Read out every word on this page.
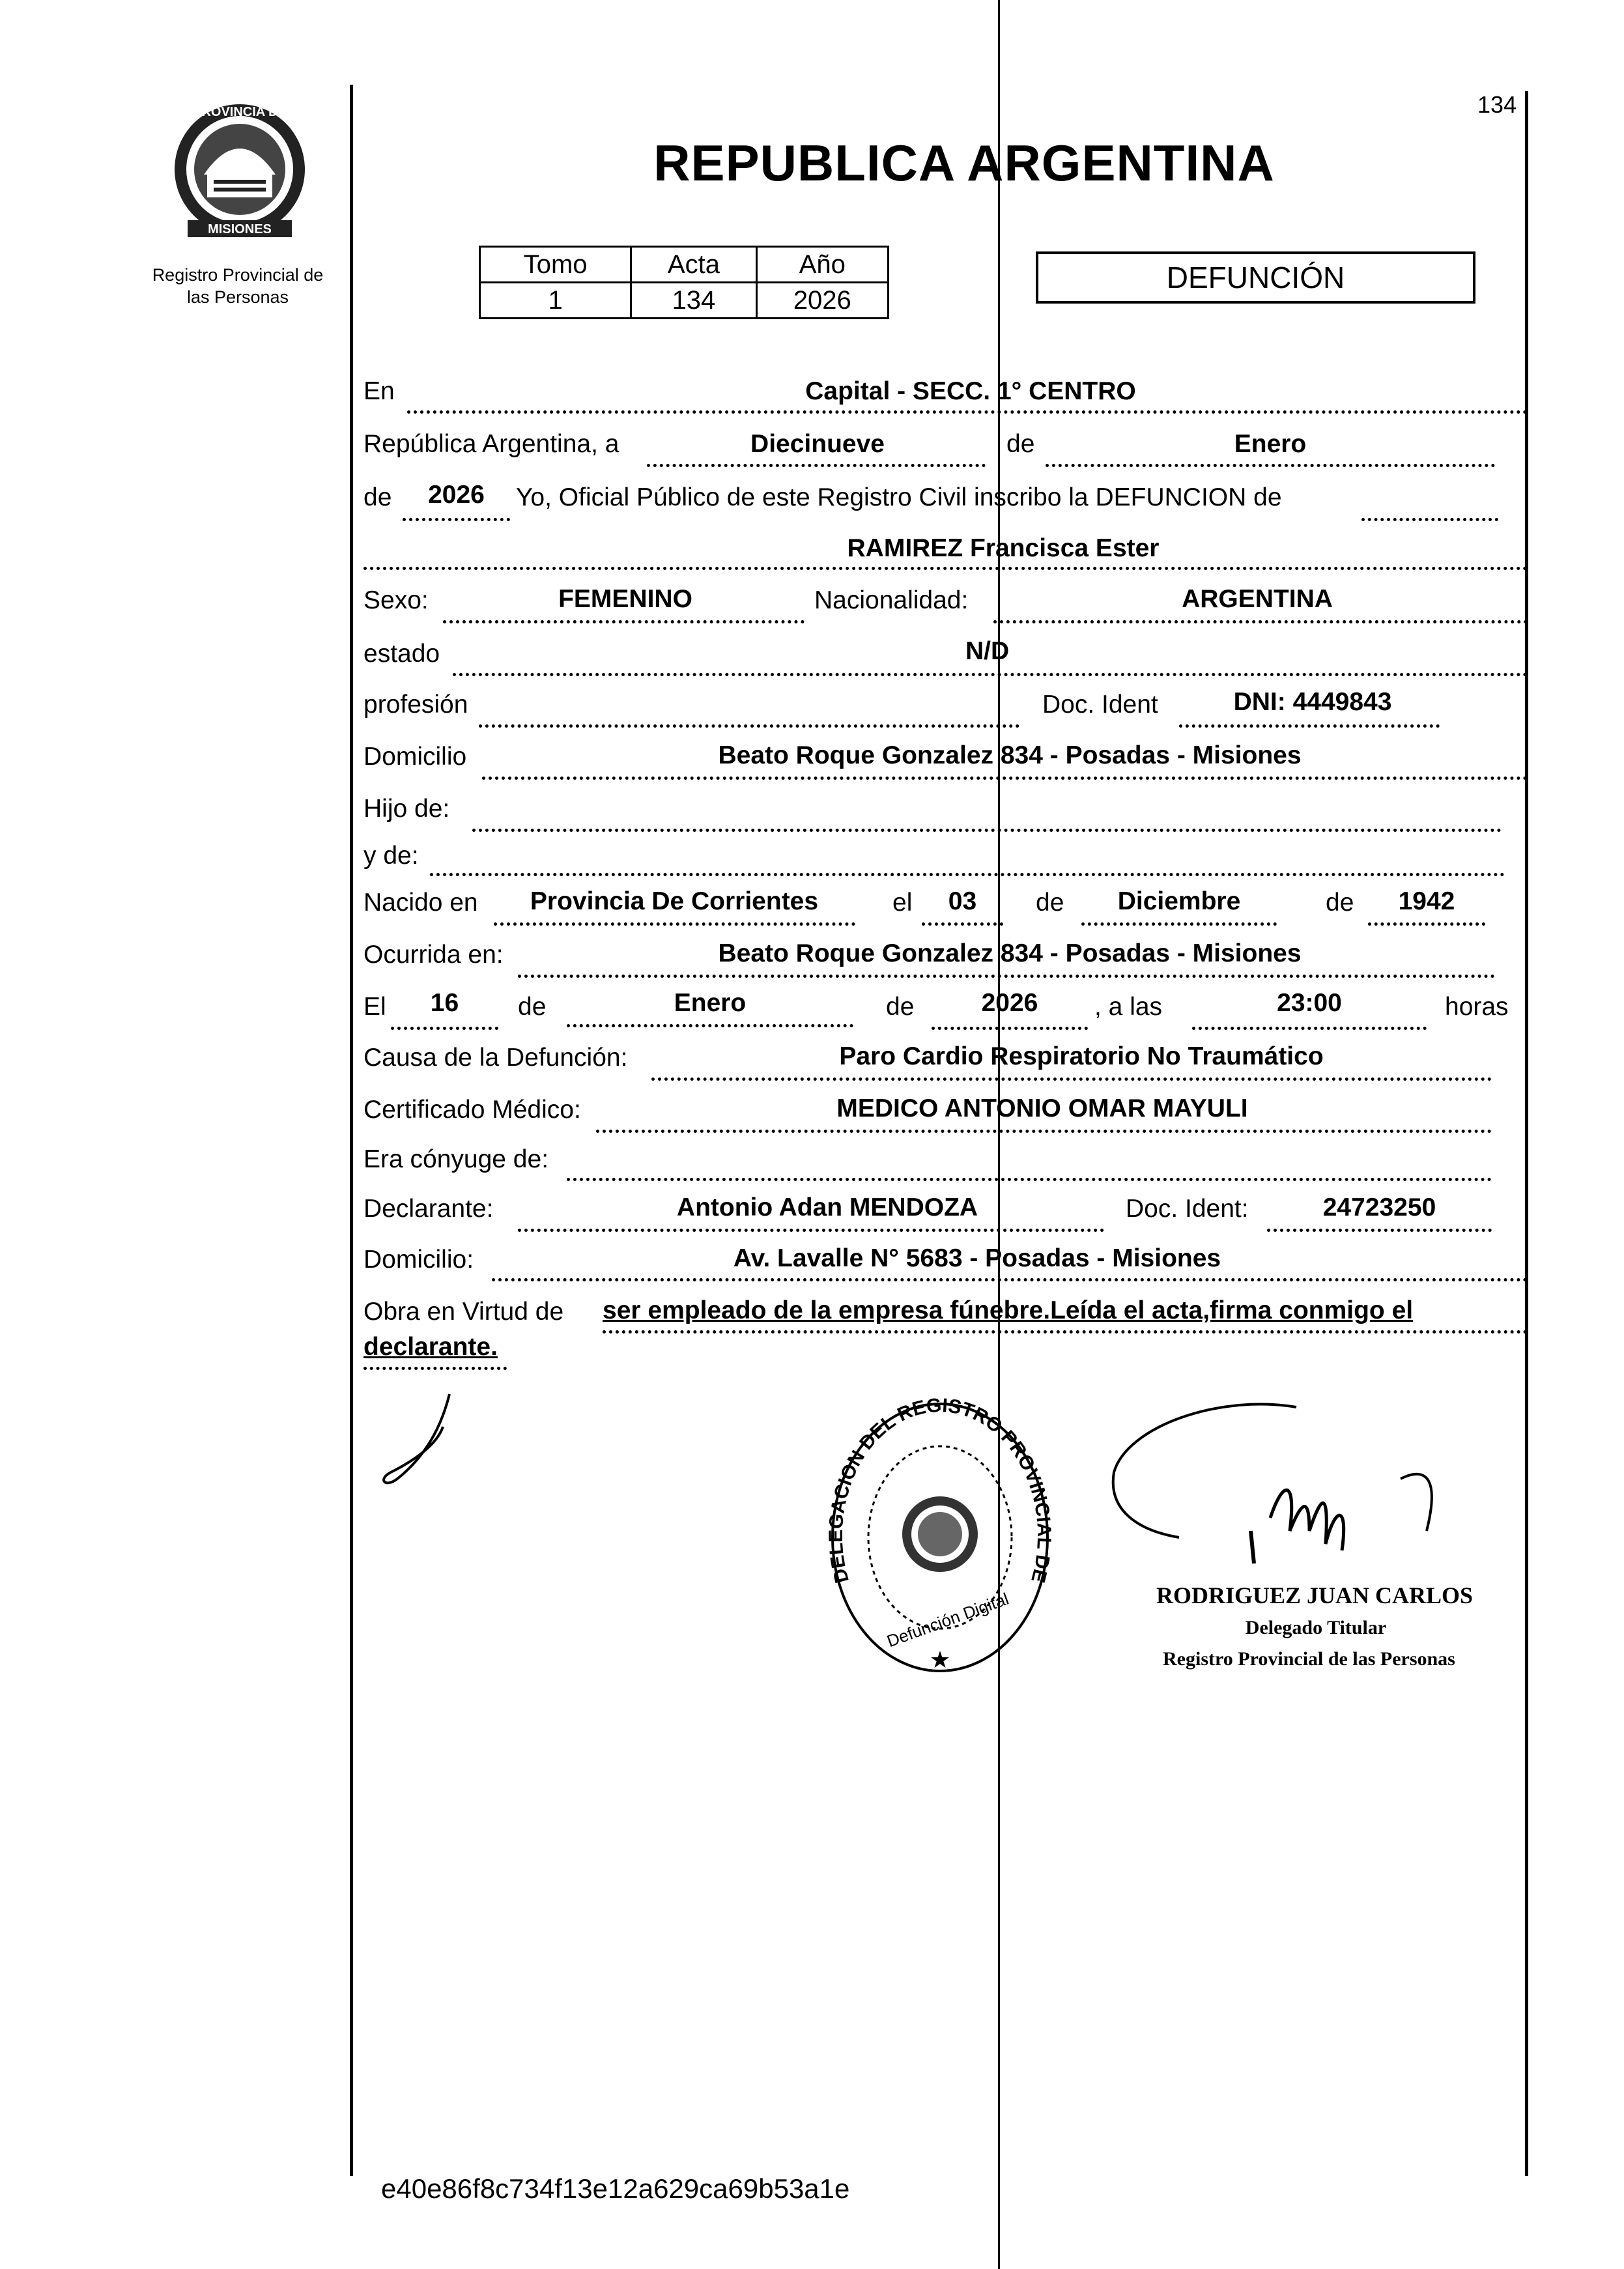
PROVINCIA DE
MISIONES
Registro Provincial de
las Personas
134
REPUBLICA ARGENTINA
Tomo	Acta	Año
1	134	2026
DEFUNCIÓN
En	Capital - SECC. 1° CENTRO
República Argentina, a	Diecinueve	de	Enero
de	2026	Yo, Oficial Público de este Registro Civil inscribo la DEFUNCION de
RAMIREZ Francisca Ester
Sexo:	FEMENINO	Nacionalidad:	ARGENTINA
estado	N/D
profesión	Doc. Ident	DNI: 4449843
Domicilio	Beato Roque Gonzalez 834 - Posadas - Misiones
Hijo de:
y de:
Nacido en	Provincia De Corrientes	el	03	de	Diciembre	de	1942
Ocurrida en:	Beato Roque Gonzalez 834 - Posadas - Misiones
El	16	de	Enero	de	2026	, a las	23:00	horas
Causa de la Defunción:	Paro Cardio Respiratorio No Traumático
Certificado Médico:	MEDICO ANTONIO OMAR MAYULI
Era cónyuge de:
Declarante:	Antonio Adan MENDOZA	Doc. Ident:	24723250
Domicilio:	Av. Lavalle N° 5683 - Posadas - Misiones
Obra en Virtud de ser empleado de la empresa fúnebre.Leída el acta,firma conmigo el
declarante.
DELEGACION DEL REGISTRO PROVINCIAL DE
Defunción Digital
★
RODRIGUEZ JUAN CARLOS
Delegado Titular
Registro Provincial de las Personas
e40e86f8c734f13e12a629ca69b53a1e
